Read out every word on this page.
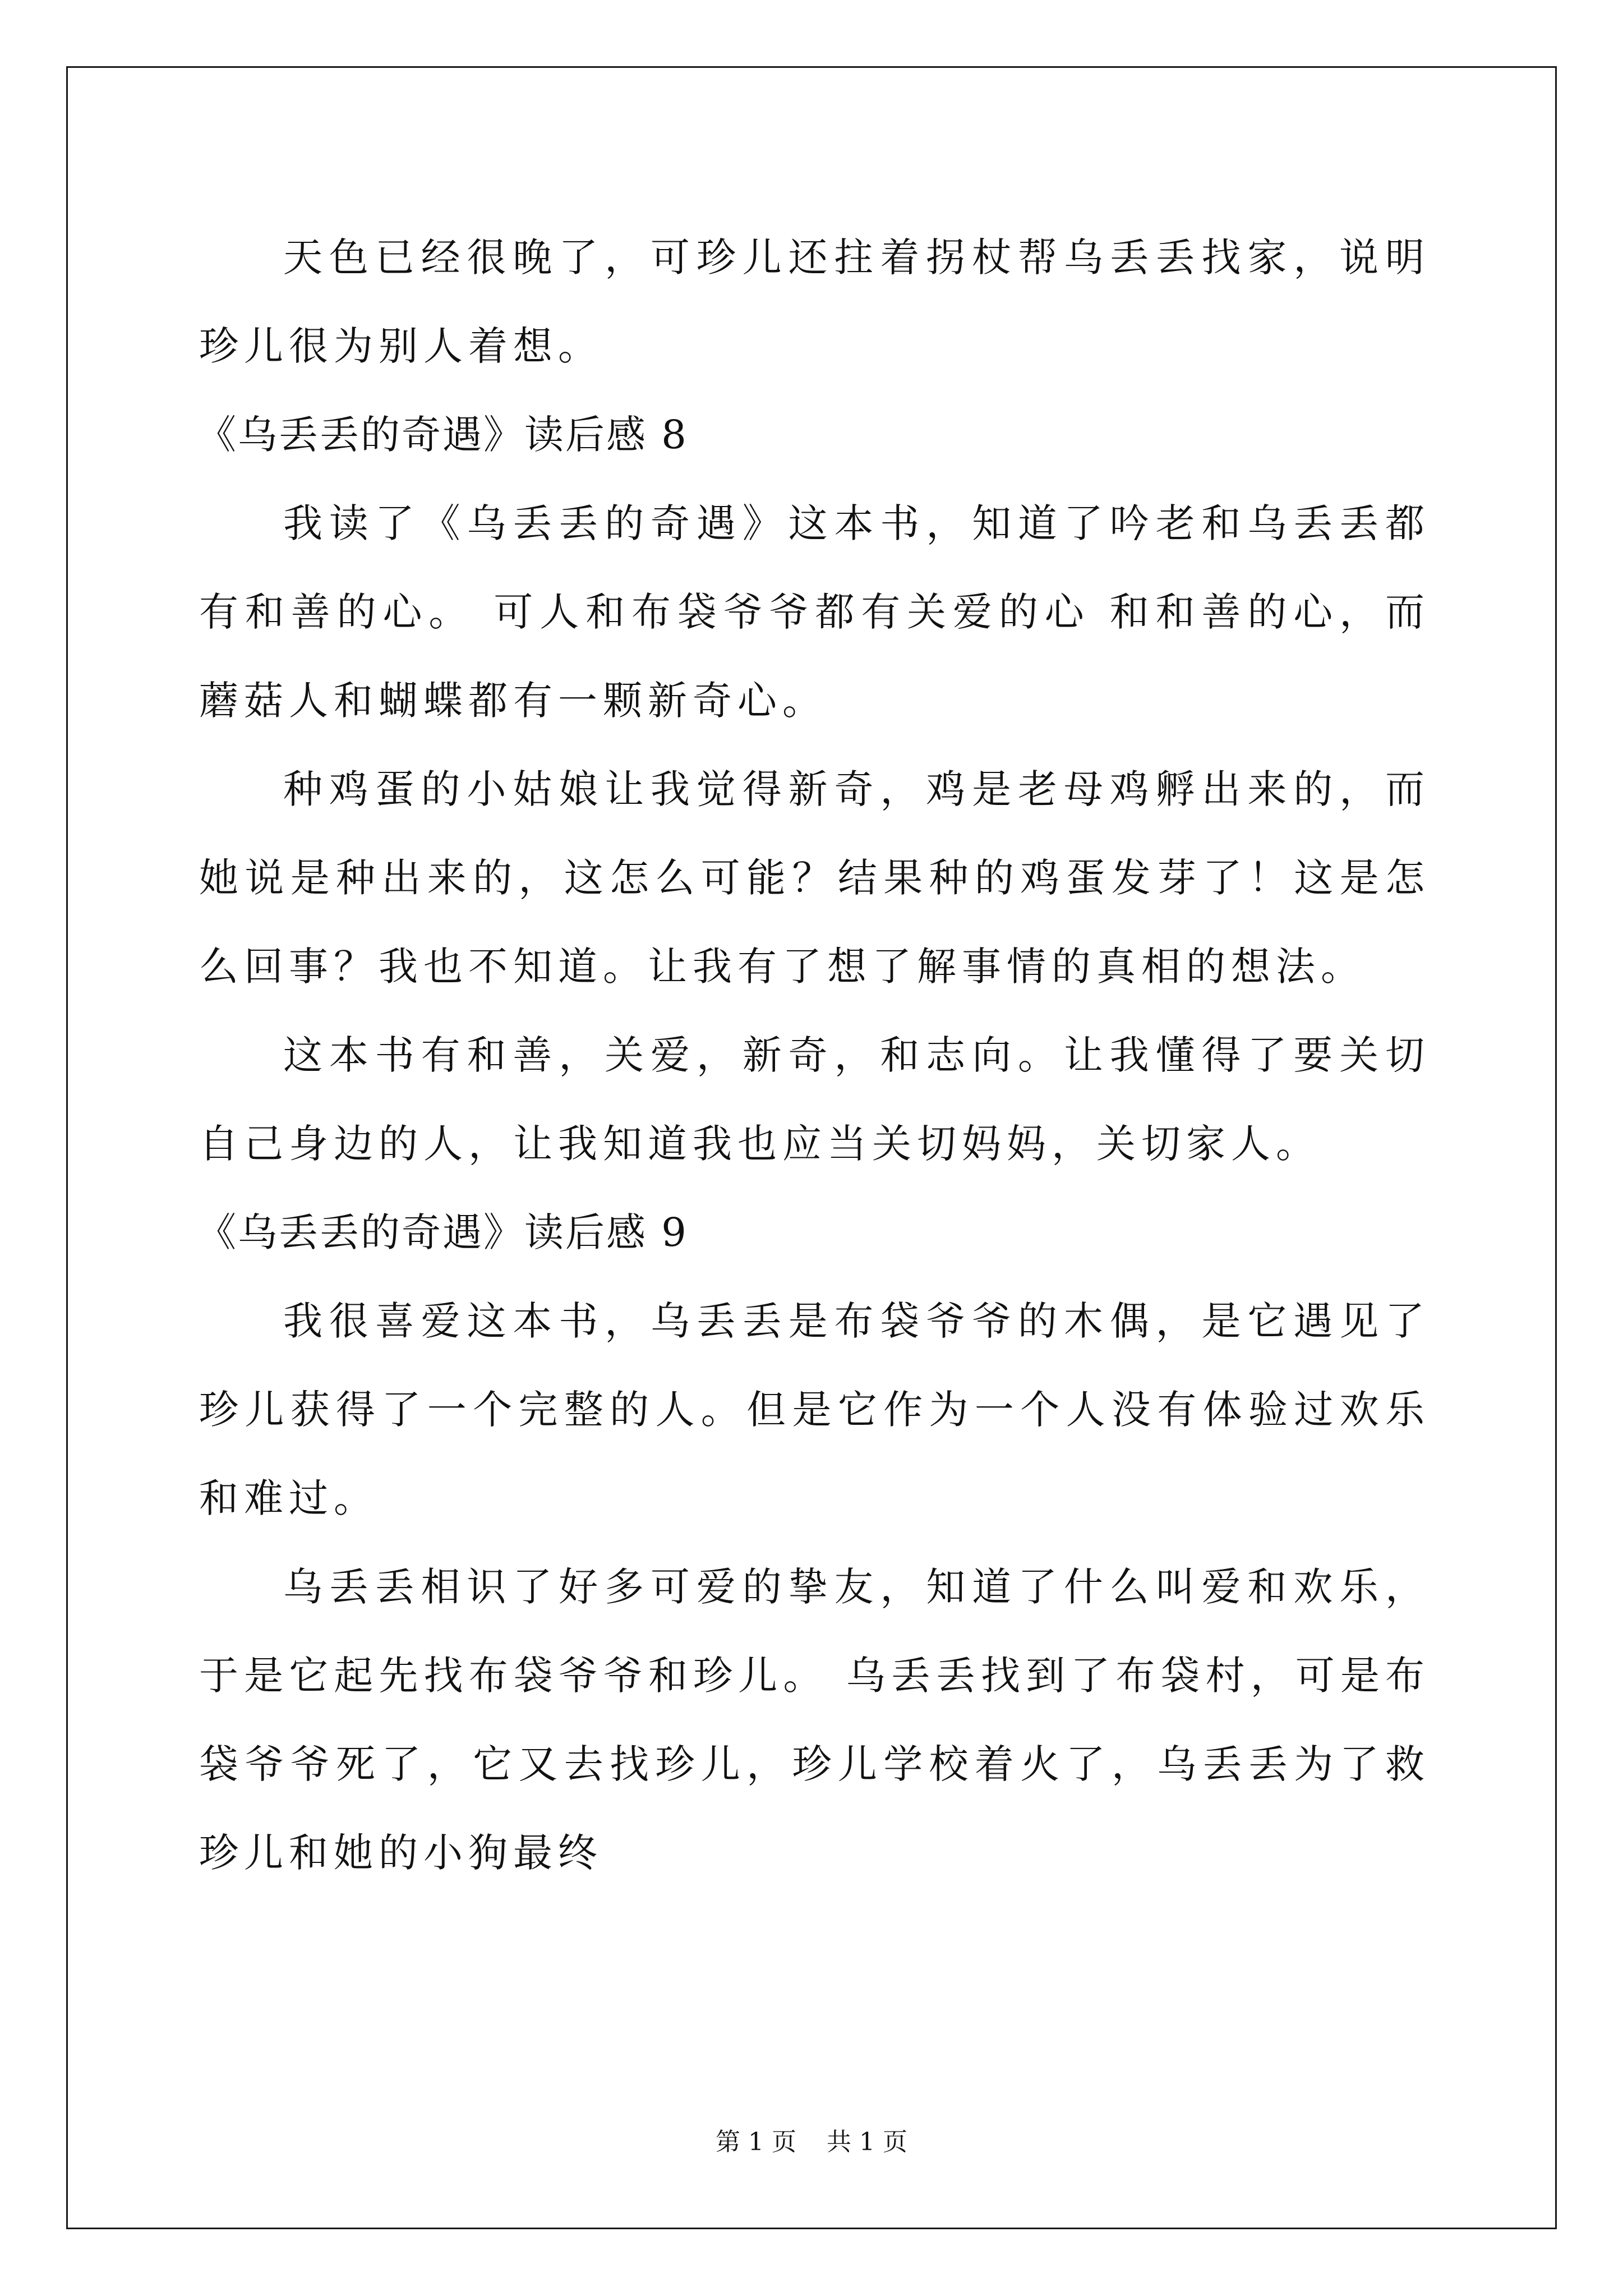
天色已经很晚了，可珍儿还拄着拐杖帮乌丢丢找家，说明珍儿很为别人着想。

《乌丢丢的奇遇》读后感 8

我读了《乌丢丢的奇遇》这本书，知道了吟老和乌丢丢都有和善的心。 可人和布袋爷爷都有关爱的心 和和善的心，而蘑菇人和蝴蝶都有一颗新奇心。

种鸡蛋的小姑娘让我觉得新奇，鸡是老母鸡孵出来的，而她说是种出来的，这怎么可能？结果种的鸡蛋发芽了！这是怎么回事？我也不知道。让我有了想了解事情的真相的想法。

这本书有和善，关爱，新奇，和志向。让我懂得了要关切自己身边的人，让我知道我也应当关切妈妈，关切家人。

《乌丢丢的奇遇》读后感 9

我很喜爱这本书，乌丢丢是布袋爷爷的木偶，是它遇见了珍儿获得了一个完整的人。但是它作为一个人没有体验过欢乐和难过。

乌丢丢相识了好多可爱的挚友，知道了什么叫爱和欢乐，于是它起先找布袋爷爷和珍儿。 乌丢丢找到了布袋村，可是布袋爷爷死了，它又去找珍儿，珍儿学校着火了，乌丢丢为了救珍儿和她的小狗最终

第 1 页 共 1 页
